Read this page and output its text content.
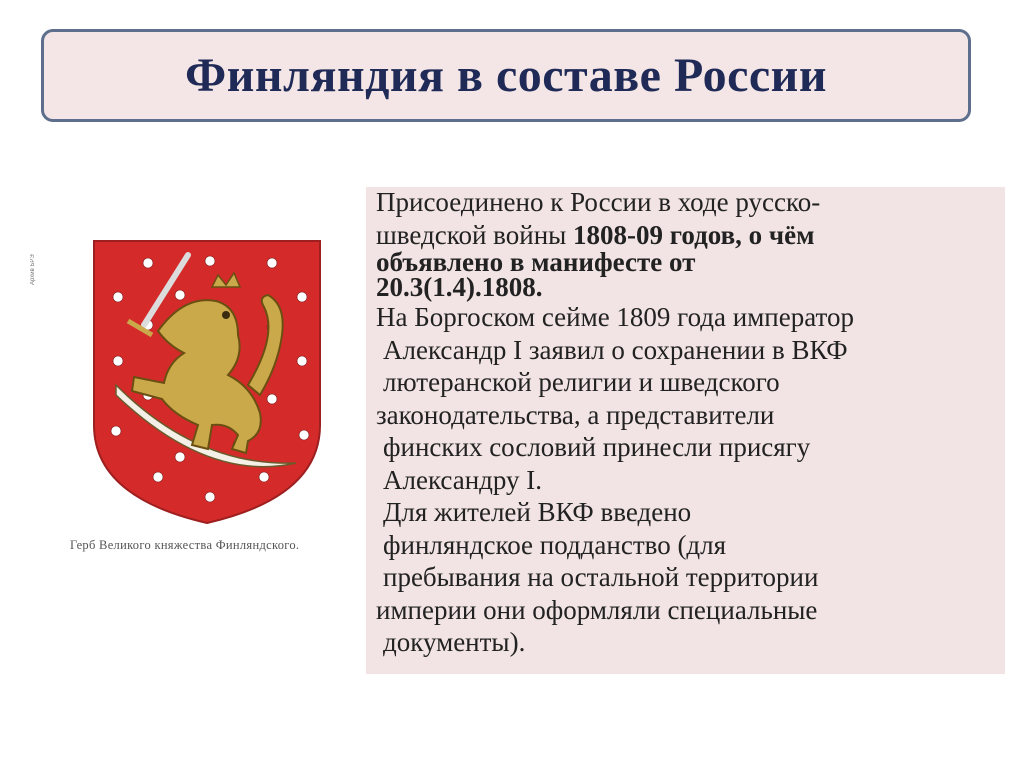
Финляндия в составе России
Архив БРЭ
Герб Великого княжества Финляндского.

Присоединено к России в ходе русско-

шведской войны 1808-09 годов, о чём

объявлено в манифесте от

20.3(1.4).1808.

На Боргоском сейме 1809 года император

Александр I заявил о сохранении в ВКФ

лютеранской религии и шведского

законодательства, а представители

финских сословий принесли присягу

Александру I.

Для жителей ВКФ введено

финляндское подданство (для

пребывания на остальной территории

империи они оформляли специальные

документы).
